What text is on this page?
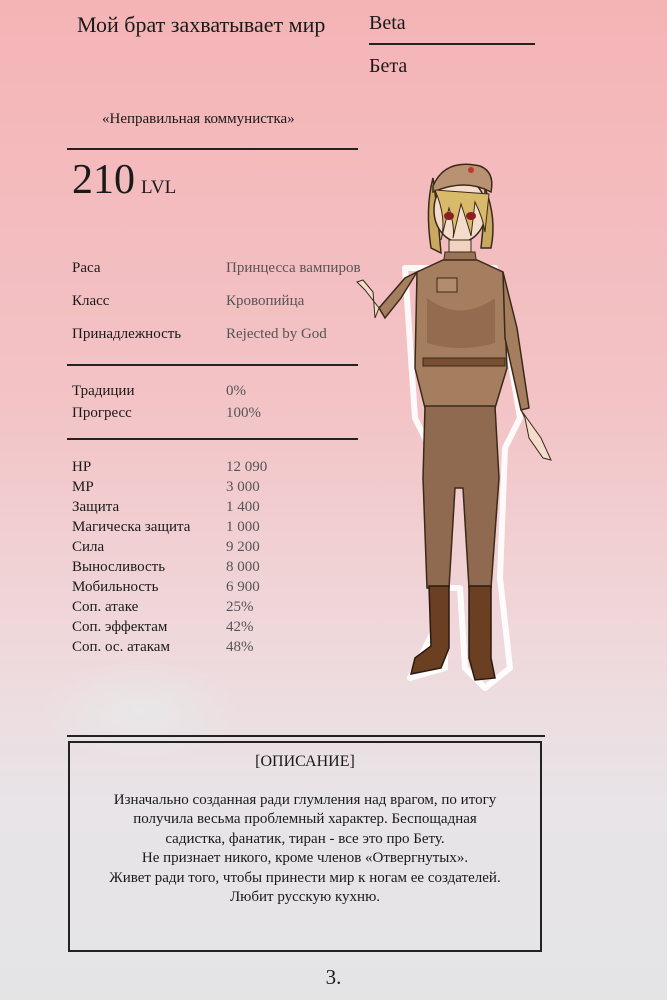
Мой брат захватывает мир Beta
Бета
«Неправильная коммунистка»
210 LVL
Раса	Принцесса вампиров
Класс	Кровопийца
Принадлежность	Rejected by God
Традиции	0%
Прогресс	100%
HP	12 090
MP	3 000
Защита	1 400
Магическа защита 1 000
Сила	9 200
Выносливость	8 000
Мобильность	6 900
Соп. атаке	25%
Соп. эффектам	42%
Соп. ос. атакам	48%
[ОПИСАНИЕ]

Изначально созданная ради глумления над врагом, по итогу

получила весьма проблемный характер. Беспощадная

садистка, фанатик, тиран - все это про Бету.

Не признает никого, кроме членов «Отвергнутых».

Живет ради того, чтобы принести мир к ногам ее создателей.

Любит русскую кухню.

3.
